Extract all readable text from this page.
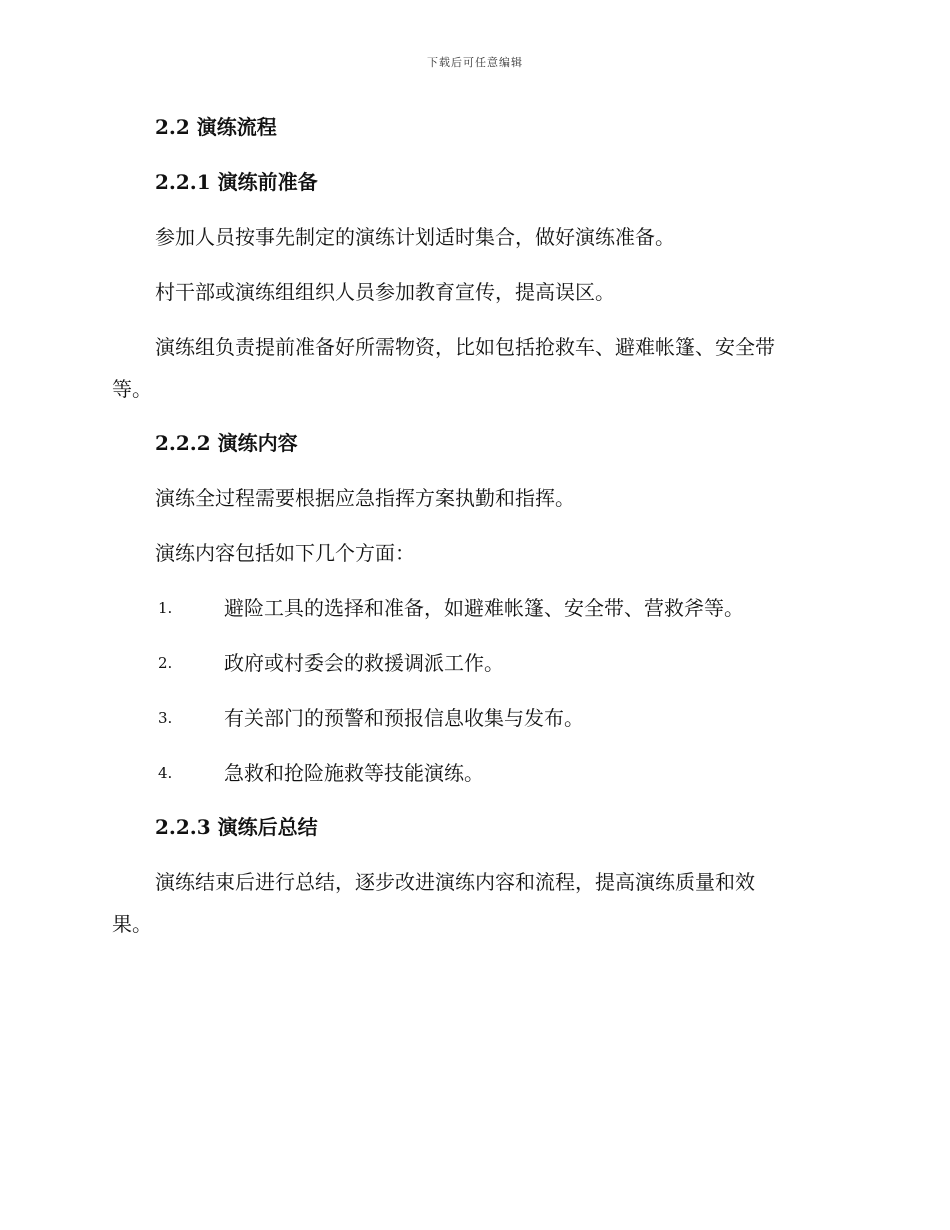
下载后可任意编辑
2.2 演练流程
2.2.1 演练前准备
参加人员按事先制定的演练计划适时集合，做好演练准备。
村干部或演练组组织人员参加教育宣传，提高误区。
演练组负责提前准备好所需物资，比如包括抢救车、避难帐篷、安全带
等。
2.2.2 演练内容
演练全过程需要根据应急指挥方案执勤和指挥。
演练内容包括如下几个方面：
1.	避险工具的选择和准备，如避难帐篷、安全带、营救斧等。
2.	政府或村委会的救援调派工作。
3.	有关部门的预警和预报信息收集与发布。
4.	急救和抢险施救等技能演练。
2.2.3 演练后总结
演练结束后进行总结，逐步改进演练内容和流程，提高演练质量和效
果。
